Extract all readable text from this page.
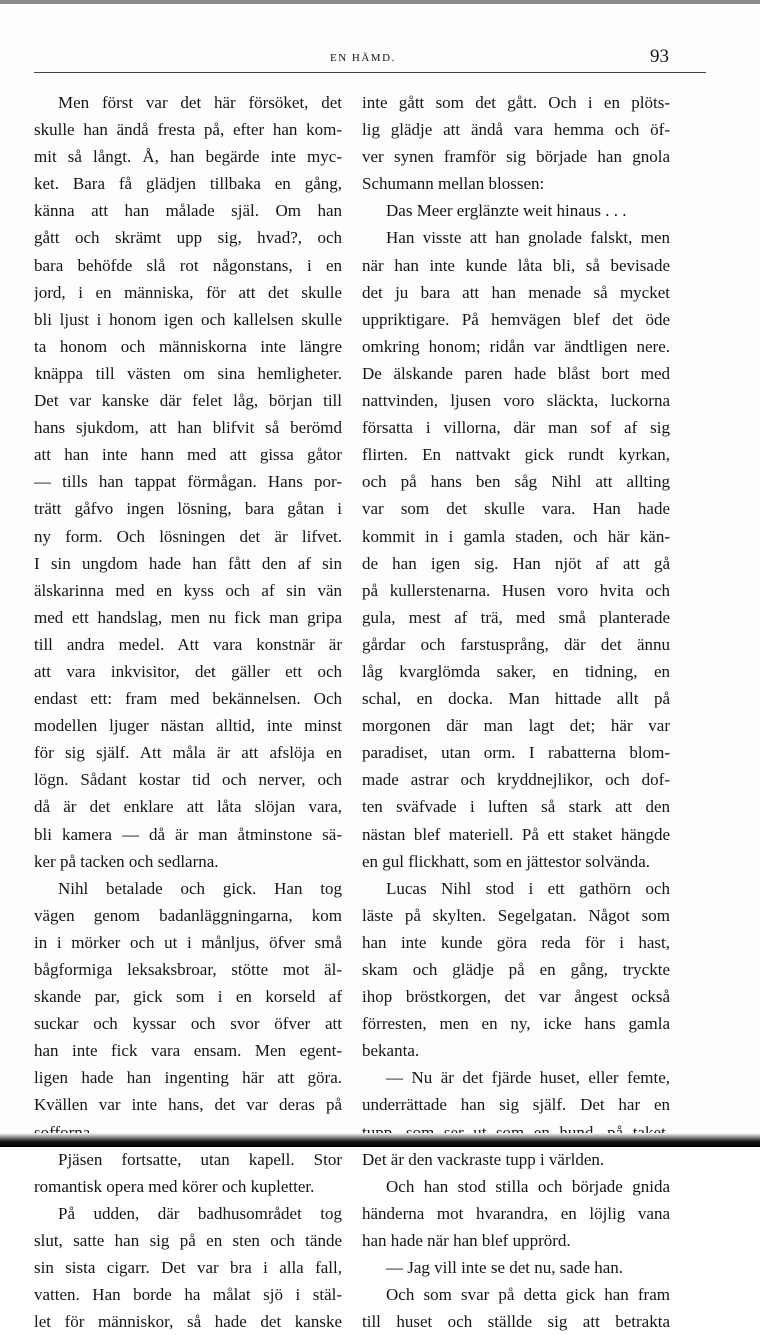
EN HÄMD.	93
Men först var det här försöket, det
skulle han ändå fresta på, efter han kom-
mit så långt. Å, han begärde inte myc-
ket. Bara få glädjen tillbaka en gång,
känna att han målade själ. Om han
gått och skrämt upp sig, hvad?, och
bara behöfde slå rot någonstans, i en
jord, i en människa, för att det skulle
bli ljust i honom igen och kallelsen skulle
ta honom och människorna inte längre
knäppa till västen om sina hemligheter.
Det var kanske där felet låg, början till
hans sjukdom, att han blifvit så berömd
att han inte hann med att gissa gåtor
— tills han tappat förmågan. Hans por-
trätt gåfvo ingen lösning, bara gåtan i
ny form. Och lösningen det är lifvet.
I sin ungdom hade han fått den af sin
älskarinna med en kyss och af sin vän
med ett handslag, men nu fick man gripa
till andra medel. Att vara konstnär är
att vara inkvisitor, det gäller ett och
endast ett: fram med bekännelsen. Och
modellen ljuger nästan alltid, inte minst
för sig själf. Att måla är att afslöja en
lögn. Sådant kostar tid och nerver, och
då är det enklare att låta slöjan vara,
bli kamera — då är man åtminstone sä-
ker på tacken och sedlarna.
Nihl betalade och gick. Han tog
vägen genom badanläggningarna, kom
in i mörker och ut i månljus, öfver små
bågformiga leksaksbroar, stötte mot äl-
skande par, gick som i en korseld af
suckar och kyssar och svor öfver att
han inte fick vara ensam. Men egent-
ligen hade han ingenting här att göra.
Kvällen var inte hans, det var deras på
Pjäsen fortsatte, utan kapell. Stor
romantisk opera med körer och kupletter.
På udden, där badhusområdet tog
slut, satte han sig på en sten och tände
sin sista cigarr. Det var bra i alla fall,
vatten. Han borde ha målat sjö i stäl-
let för människor, så hade det kanske
inte gått som det gått. Och i en plöts-
lig glädje att ändå vara hemma och öf-
ver synen framför sig började han gnola
Schumann mellan blossen:
Das Meer erglänzte weit hinaus . . .
Han visste att han gnolade falskt, men
när han inte kunde låta bli, så bevisade
det ju bara att han menade så mycket
uppriktigare. På hemvägen blef det öde
omkring honom; ridån var ändtligen nere.
De älskande paren hade blåst bort med
nattvinden, ljusen voro släckta, luckorna
försatta i villorna, där man sof af sig
flirten. En nattvakt gick rundt kyrkan,
och på hans ben såg Nihl att allting
var som det skulle vara. Han hade
kommit in i gamla staden, och här kän-
de han igen sig. Han njöt af att gå
på kullerstenarna. Husen voro hvita och
gula, mest af trä, med små planterade
gårdar och farstusprång, där det ännu
låg kvarglömda saker, en tidning, en
schal, en docka. Man hittade allt på
morgonen där man lagt det; här var
paradiset, utan orm. I rabatterna blom-
made astrar och kryddnejlikor, och dof-
ten sväfvade i luften så stark att den
nästan blef materiell. På ett staket hängde
en gul flickhatt, som en jättestor solvända.
Lucas Nihl stod i ett gathörn och
läste på skylten. Segelgatan. Något som
han inte kunde göra reda för i hast,
skam och glädje på en gång, tryckte
ihop bröstkorgen, det var ångest också
förresten, men en ny, icke hans gamla
bekanta.
— Nu är det fjärde huset, eller femte,
underrättade han sig själf. Det har en
Det är den vackraste tupp i världen.
Och han stod stilla och började gnida
händerna mot hvarandra, en löjlig vana
han hade när han blef upprörd.
— Jag vill inte se det nu, sade han.
Och som svar på detta gick han fram
till huset och ställde sig att betrakta
